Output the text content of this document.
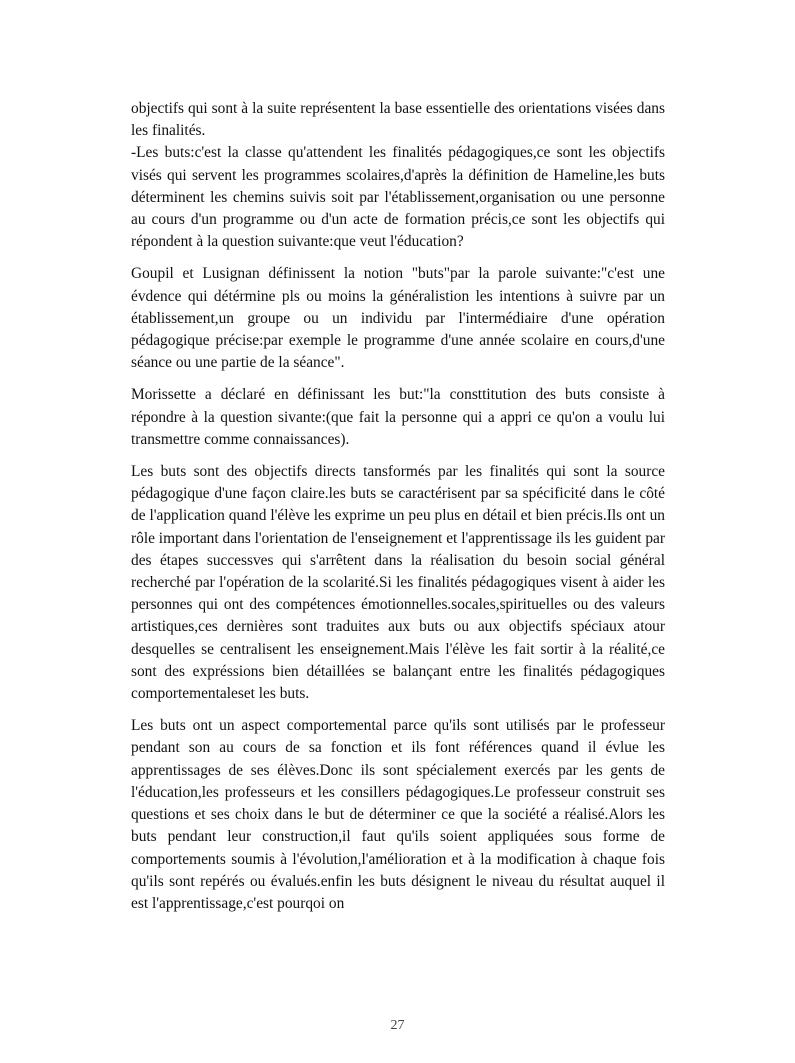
objectifs qui sont à la suite représentent la base essentielle des orientations visées dans les finalités.

-Les buts:c'est la classe qu'attendent les finalités pédagogiques,ce sont les objectifs visés qui servent les programmes scolaires,d'après la définition de Hameline,les buts déterminent les chemins suivis soit par l'établissement,organisation ou une personne au cours d'un programme ou d'un acte de formation précis,ce sont les objectifs qui répondent à la question suivante:que veut l'éducation?

Goupil et Lusignan définissent la notion "buts"par la parole suivante:"c'est une évdence qui détérmine pls ou moins la généralistion les intentions à suivre par un établissement,un groupe ou un individu par l'intermédiaire d'une opération pédagogique précise:par exemple le programme d'une année scolaire en cours,d'une séance ou une partie de la séance".

Morissette a déclaré en définissant les but:"la consttitution des buts consiste à répondre à la question sivante:(que fait la personne qui a appri ce qu'on a voulu lui transmettre comme connaissances).

Les buts sont des objectifs directs tansformés par les finalités qui sont la source pédagogique d'une façon claire.les buts se caractérisent par sa spécificité dans le côté de l'application quand l'élève les exprime un peu plus en détail et bien précis.Ils ont un rôle important dans l'orientation de l'enseignement et l'apprentissage ils les guident par des étapes successves qui s'arrêtent dans la réalisation du besoin social général recherché par l'opération de la scolarité.Si les finalités pédagogiques visent à aider les personnes qui ont des compétences émotionnelles.socales,spirituelles ou des valeurs artistiques,ces dernières sont traduites aux buts ou aux objectifs spéciaux atour desquelles se centralisent les enseignement.Mais l'élève les fait sortir à la réalité,ce sont des expréssions bien détaillées se balançant entre les finalités pédagogiques comportementaleset les buts.

Les buts ont un aspect comportemental parce qu'ils sont utilisés par le professeur pendant son au cours de sa fonction et ils font références quand il évlue les apprentissages de ses élèves.Donc ils sont spécialement exercés par les gents de l'éducation,les professeurs et les consillers pédagogiques.Le professeur construit ses questions et ses choix dans le but de déterminer ce que la société a réalisé.Alors les buts pendant leur construction,il faut qu'ils soient appliquées sous forme de comportements soumis à l'évolution,l'amélioration et à la modification à chaque fois qu'ils sont repérés ou évalués.enfin les buts désignent le niveau du résultat auquel il est l'apprentissage,c'est pourqoi on

27
